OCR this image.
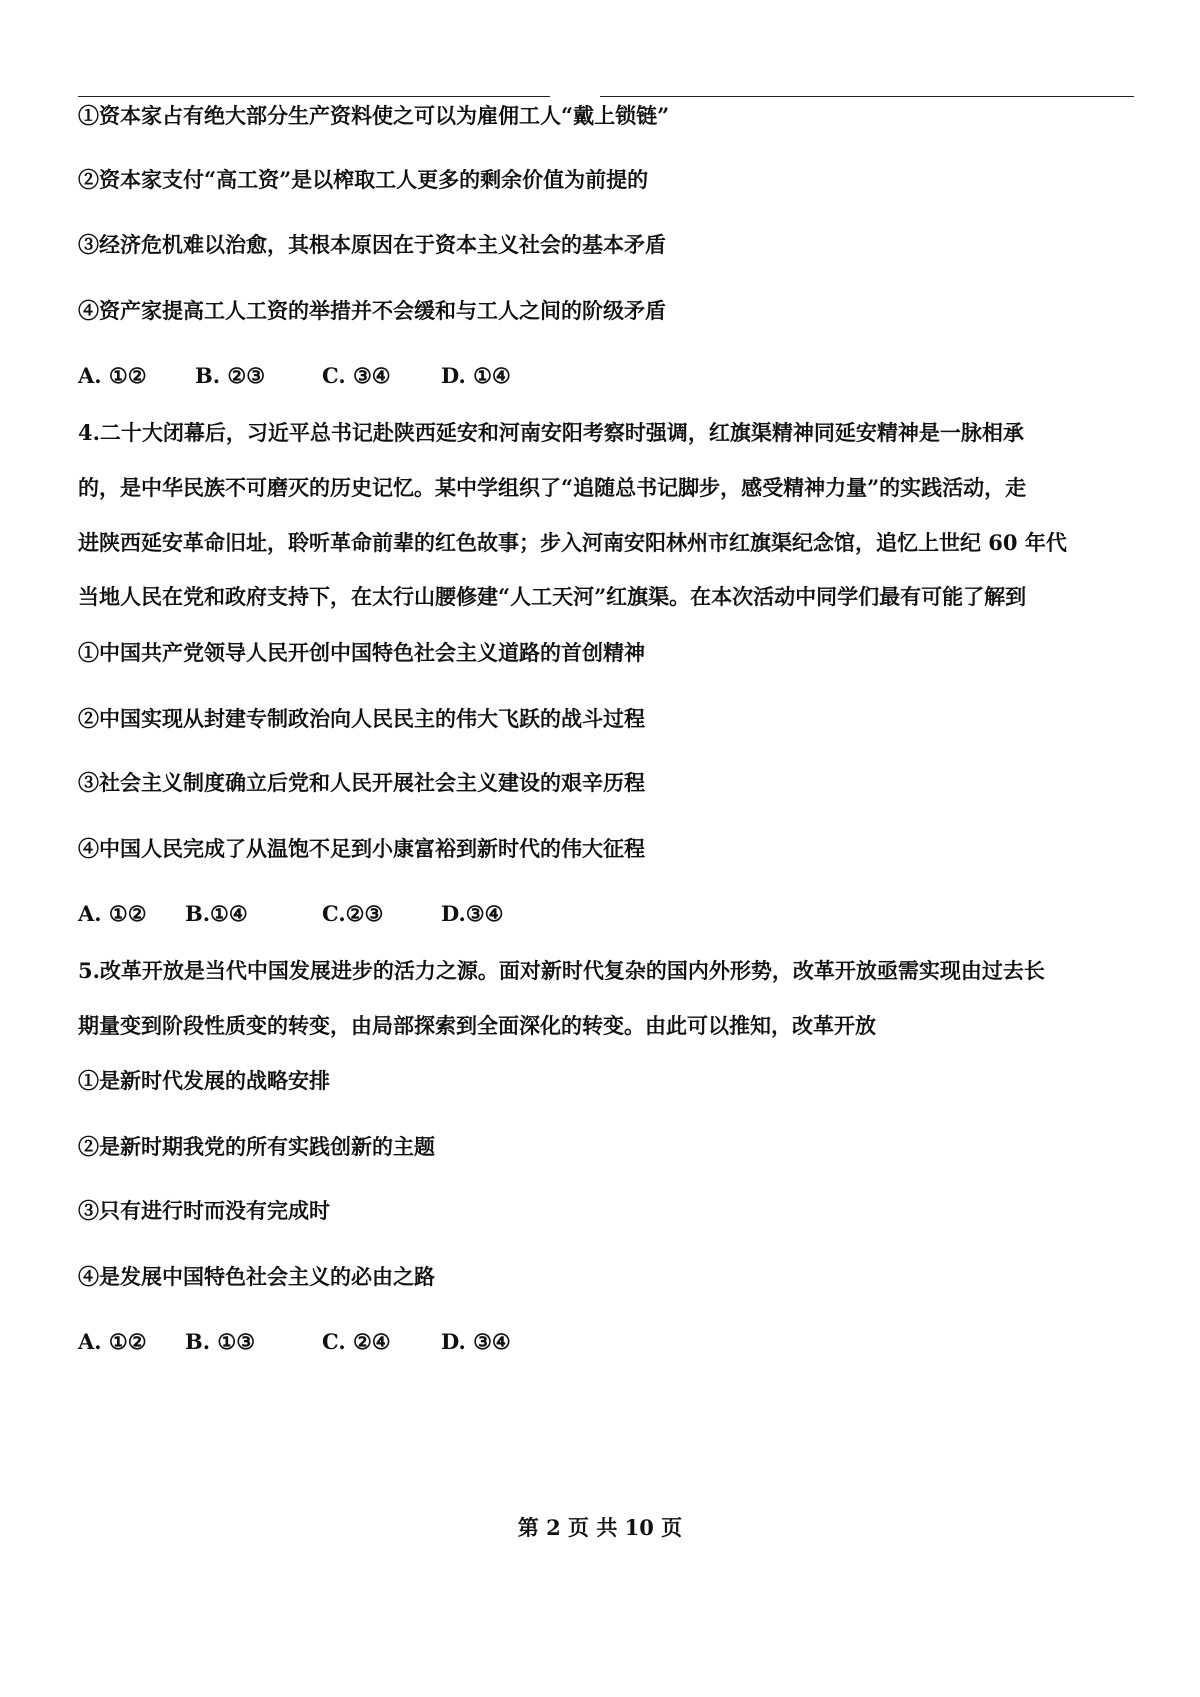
①资本家占有绝大部分生产资料使之可以为雇佣工人“戴上锁链”
②资本家支付“高工资”是以榨取工人更多的剩余价值为前提的
③经济危机难以治愈，其根本原因在于资本主义社会的基本矛盾
④资产家提高工人工资的举措并不会缓和与工人之间的阶级矛盾
A. ①② B. ②③	C. ③④ D. ①④
4.二十大闭幕后，习近平总书记赴陕西延安和河南安阳考察时强调，红旗渠精神同延安精神是一脉相承
的，是中华民族不可磨灭的历史记忆。某中学组织了“追随总书记脚步，感受精神力量”的实践活动，走
进陕西延安革命旧址，聆听革命前辈的红色故事；步入河南安阳林州市红旗渠纪念馆，追忆上世纪 60 年代
当地人民在党和政府支持下，在太行山腰修建“人工天河”红旗渠。在本次活动中同学们最有可能了解到
①中国共产党领导人民开创中国特色社会主义道路的首创精神
②中国实现从封建专制政治向人民民主的伟大飞跃的战斗过程
③社会主义制度确立后党和人民开展社会主义建设的艰辛历程
④中国人民完成了从温饱不足到小康富裕到新时代的伟大征程
A. ①② B.①④	C.②③	D.③④
5.改革开放是当代中国发展进步的活力之源。面对新时代复杂的国内外形势，改革开放亟需实现由过去长
期量变到阶段性质变的转变，由局部探索到全面深化的转变。由此可以推知，改革开放
①是新时代发展的战略安排
②是新时期我党的所有实践创新的主题
③只有进行时而没有完成时
④是发展中国特色社会主义的必由之路
A. ①② B. ①③	C. ②④ D. ③④
第 2 页 共 10 页
